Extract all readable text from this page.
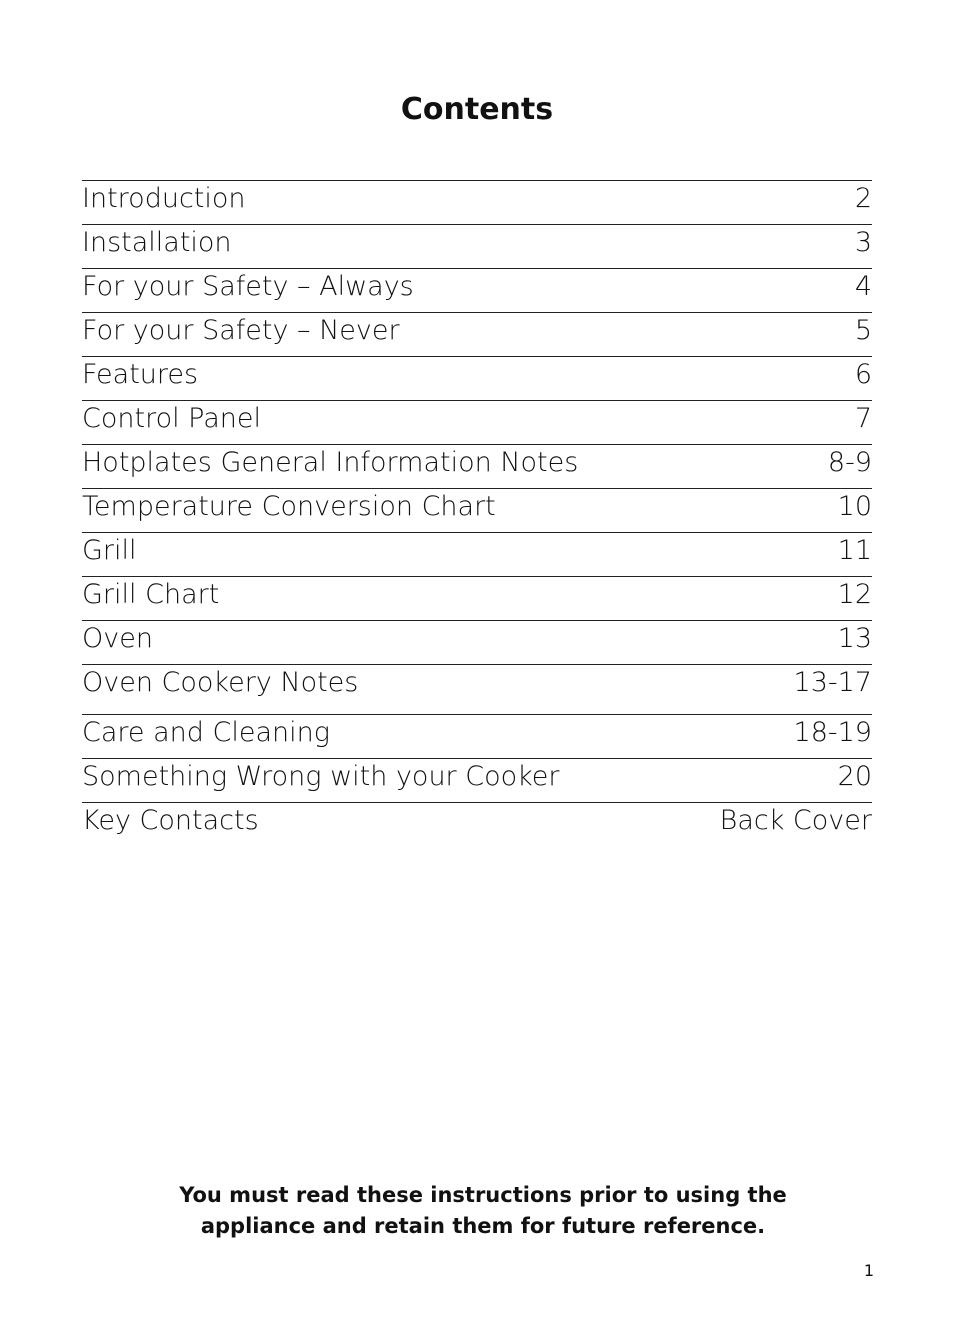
Contents
Introduction	2
Installation	3
For your Safety – Always	4
For your Safety – Never	5
Features	6
Control Panel	7
Hotplates General Information Notes	8-9
Temperature Conversion Chart	10
Grill	11
Grill Chart	12
Oven	13
Oven Cookery Notes	13-17
Care and Cleaning	18-19
Something Wrong with your Cooker	20
Key Contacts	Back Cover
You must read these instructions prior to using the
appliance and retain them for future reference.
1
